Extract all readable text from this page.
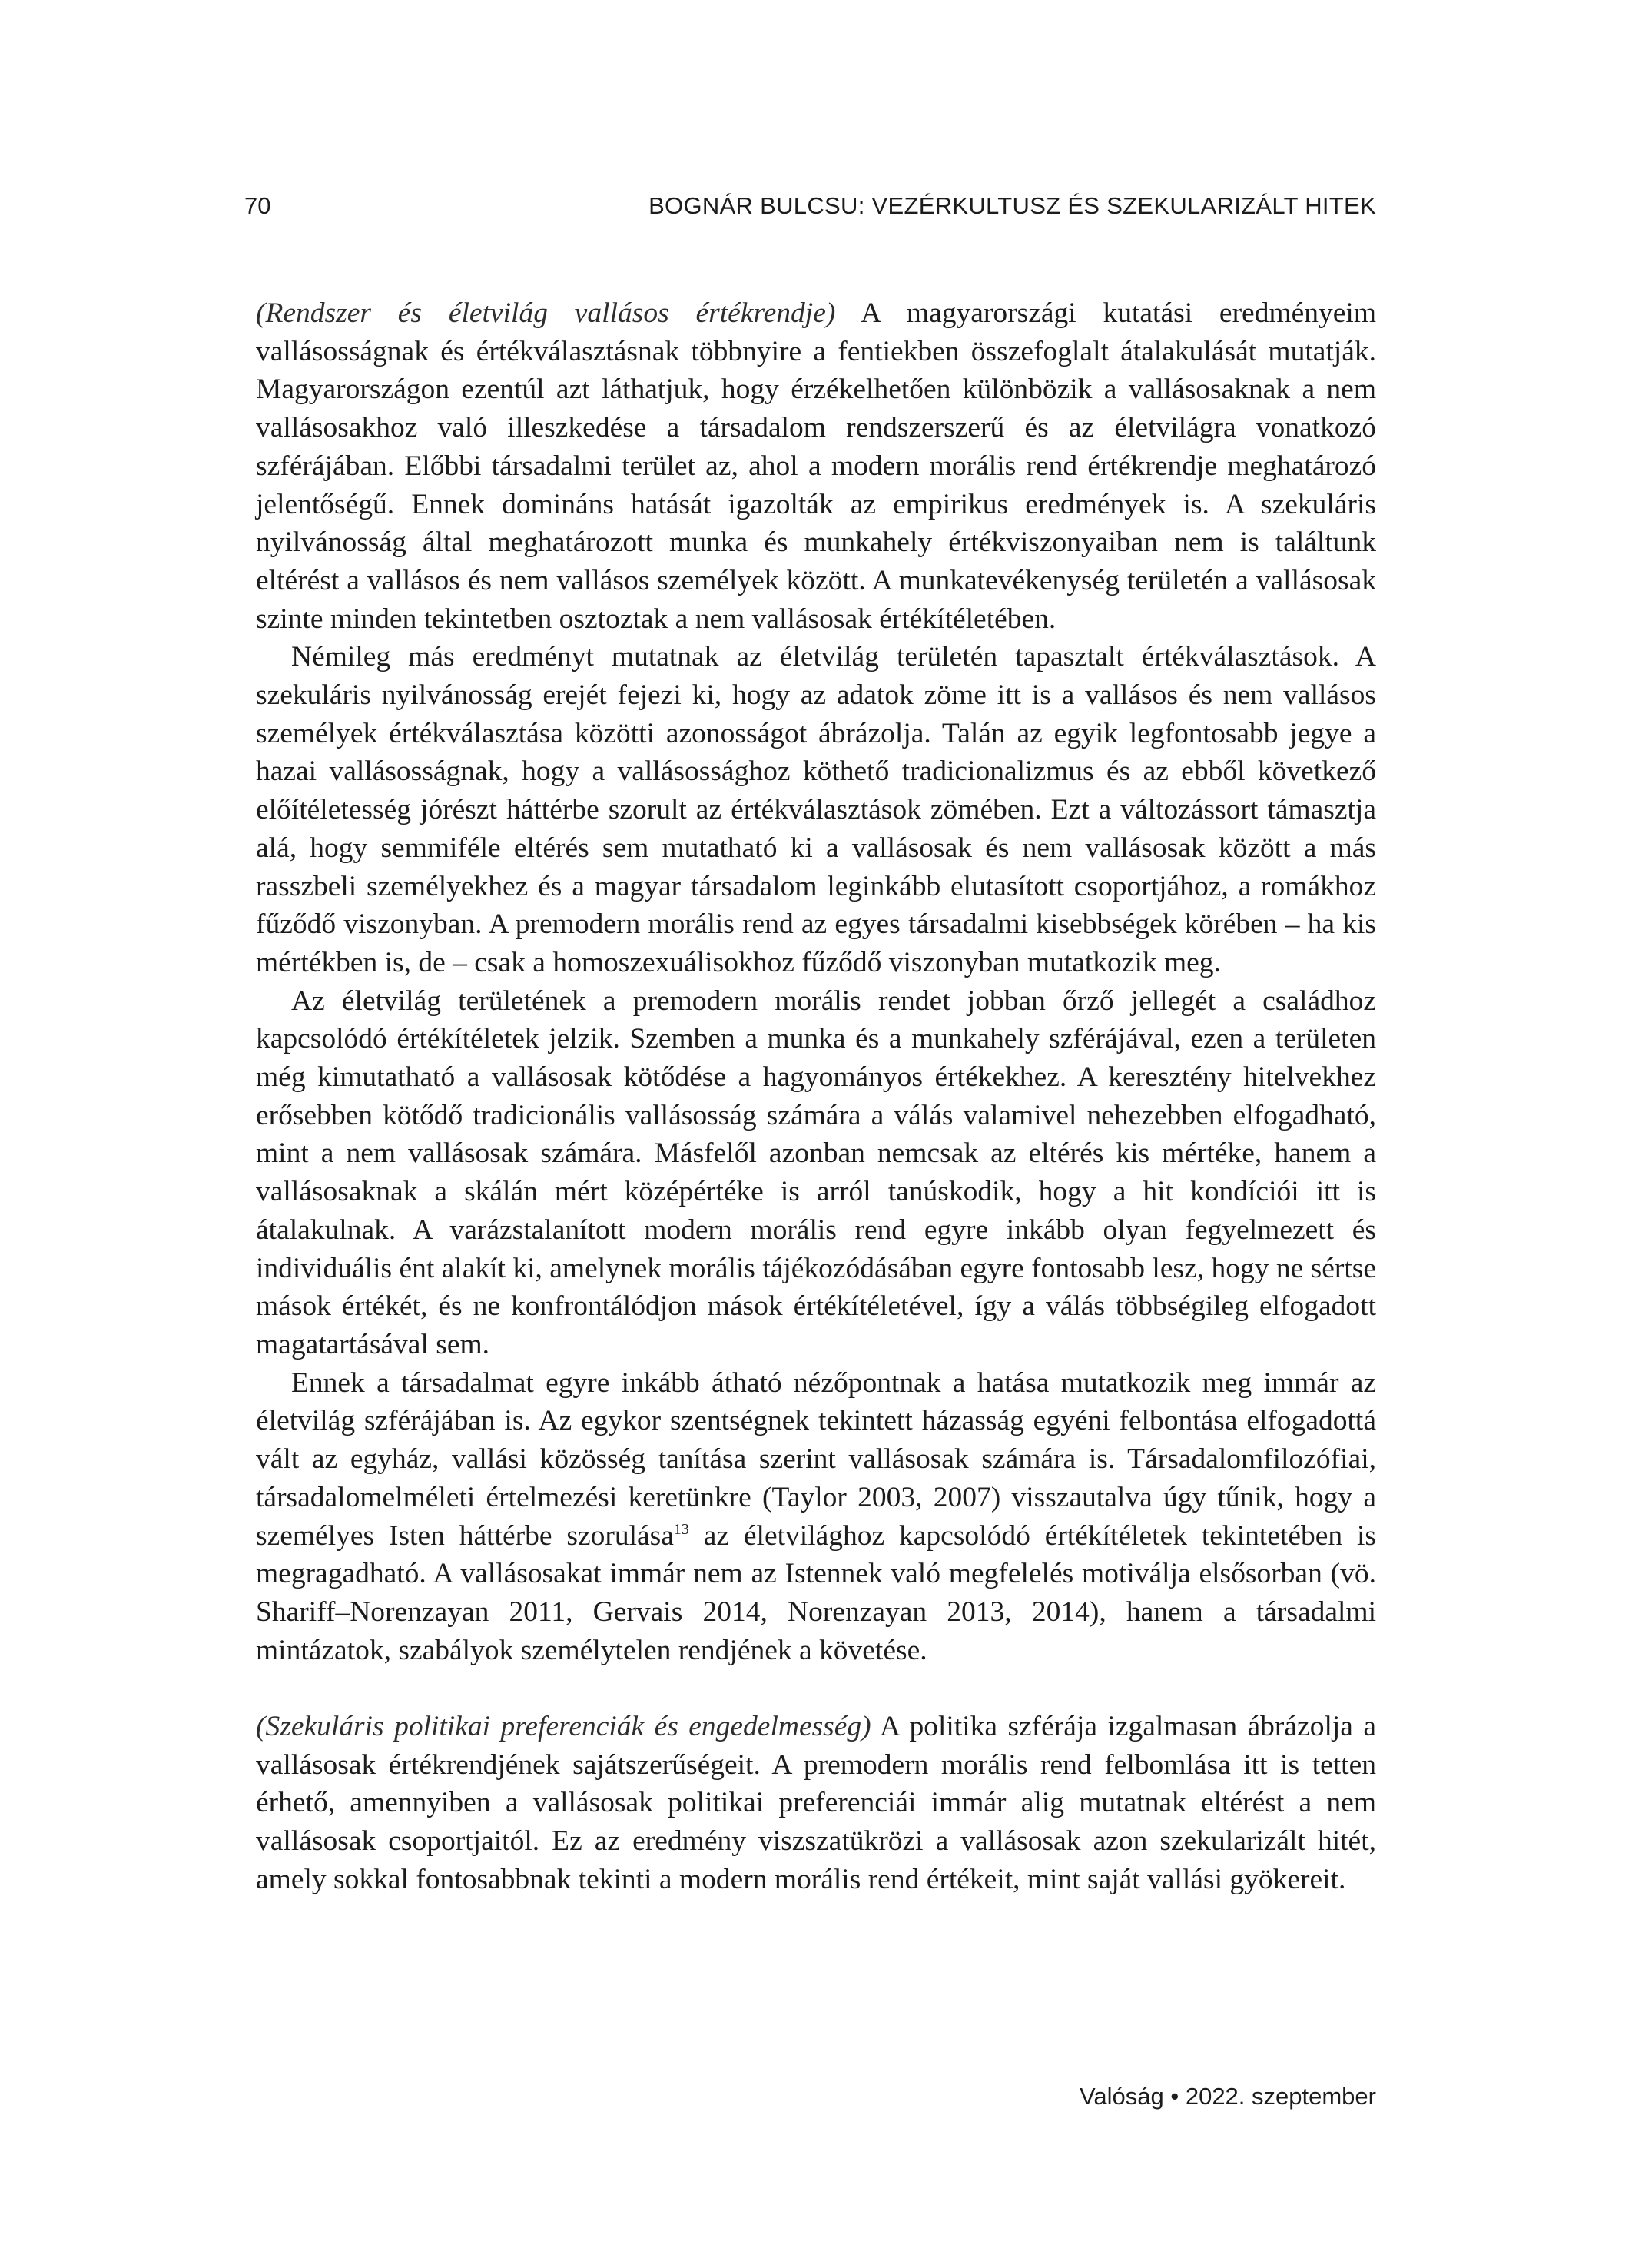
70	BOGNÁR BULCSU: VEZÉRKULTUSZ ÉS SZEKULARIZÁLT HITEK

(Rendszer és életvilág vallásos értékrendje) A magyarországi kutatási eredményeim vallásosságnak és értékválasztásnak többnyire a fentiekben összefoglalt átalakulását mutatják. Magyarországon ezentúl azt láthatjuk, hogy érzékelhetően különbözik a vallásosaknak a nem vallásosakhoz való illeszkedése a társadalom rendszerszerű és az életvilágra vonatkozó szférájában. Előbbi társadalmi terület az, ahol a modern morális rend értékrendje meghatározó jelentőségű. Ennek domináns hatását igazolták az empirikus eredmények is. A szekuláris nyilvánosság által meghatározott munka és munkahely értékviszonyaiban nem is találtunk eltérést a vallásos és nem vallásos személyek között. A munkatevékenység területén a vallásosak szinte minden tekintetben osztoztak a nem vallásosak értékítéletében.

Némileg más eredményt mutatnak az életvilág területén tapasztalt értékválasztások. A szekuláris nyilvánosság erejét fejezi ki, hogy az adatok zöme itt is a vallásos és nem vallásos személyek értékválasztása közötti azonosságot ábrázolja. Talán az egyik legfontosabb jegye a hazai vallásosságnak, hogy a vallásossághoz köthető tradicionalizmus és az ebből következő előítéletesség jórészt háttérbe szorult az értékválasztások zömében. Ezt a változássort támasztja alá, hogy semmiféle eltérés sem mutatható ki a vallásosak és nem vallásosak között a más rasszbeli személyekhez és a magyar társadalom leginkább elutasított csoportjához, a romákhoz fűződő viszonyban. A premodern morális rend az egyes társadalmi kisebbségek körében – ha kis mértékben is, de – csak a homoszexuálisokhoz fűződő viszonyban mutatkozik meg.

Az életvilág területének a premodern morális rendet jobban őrző jellegét a családhoz kapcsolódó értékítéletek jelzik. Szemben a munka és a munkahely szférájával, ezen a területen még kimutatható a vallásosak kötődése a hagyományos értékekhez. A keresztény hitelvekhez erősebben kötődő tradicionális vallásosság számára a válás valamivel nehezebben elfogadható, mint a nem vallásosak számára. Másfelől azonban nemcsak az eltérés kis mértéke, hanem a vallásosaknak a skálán mért középértéke is arról tanúskodik, hogy a hit kondíciói itt is átalakulnak. A varázstalanított modern morális rend egyre inkább olyan fegyelmezett és individuális ént alakít ki, amelynek morális tájékozódásában egyre fontosabb lesz, hogy ne sértse mások értékét, és ne konfrontálódjon mások értékítéletével, így a válás többségileg elfogadott magatartásával sem.

Ennek a társadalmat egyre inkább átható nézőpontnak a hatása mutatkozik meg immár az életvilág szférájában is. Az egykor szentségnek tekintett házasság egyéni felbontása elfogadottá vált az egyház, vallási közösség tanítása szerint vallásosak számára is. Társadalomfilozófiai, társadalomelméleti értelmezési keretünkre (Taylor 2003, 2007) visszautalva úgy tűnik, hogy a személyes Isten háttérbe szorulása$^{13}$ az életvilághoz kapcsolódó értékítéletek tekintetében is megragadható. A vallásosakat immár nem az Istennek való megfelelés motiválja elsősorban (vö. Shariff–Norenzayan 2011, Gervais 2014, Norenzayan 2013, 2014), hanem a társadalmi mintázatok, szabályok személytelen rendjének a követése.

(Szekuláris politikai preferenciák és engedelmesség) A politika szférája izgalmasan ábrázolja a vallásosak értékrendjének sajátszerűségeit. A premodern morális rend felbomlása itt is tetten érhető, amennyiben a vallásosak politikai preferenciái immár alig mutatnak eltérést a nem vallásosak csoportjaitól. Ez az eredmény viszszatükrözi a vallásosak azon szekularizált hitét, amely sokkal fontosabbnak tekinti a modern morális rend értékeit, mint saját vallási gyökereit.

Valóság • 2022. szeptember
